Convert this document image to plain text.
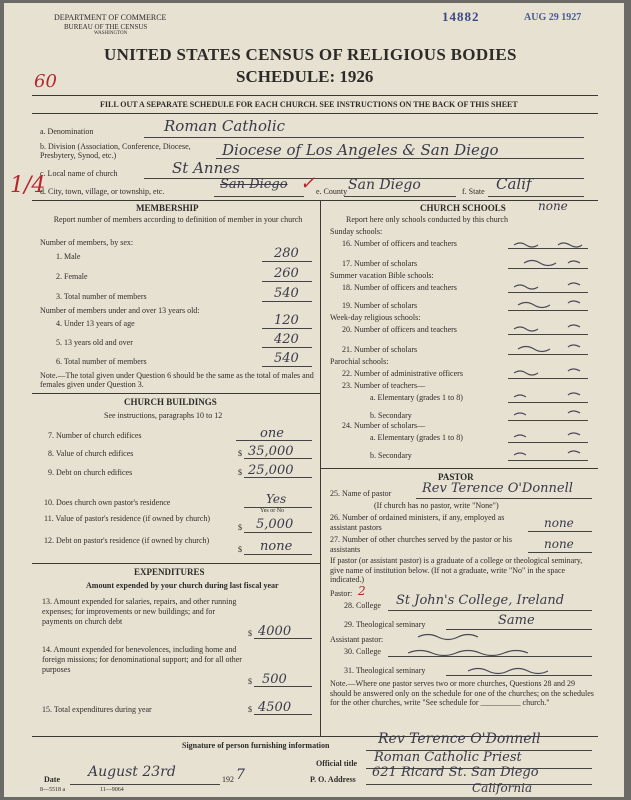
DEPARTMENT OF COMMERCE
BUREAU OF THE CENSUS
WASHINGTON
14882	AUG 29 1927
UNITED STATES CENSUS OF RELIGIOUS BODIES
SCHEDULE: 1926
60
FILL OUT A SEPARATE SCHEDULE FOR EACH CHURCH. SEE INSTRUCTIONS ON THE BACK OF THIS SHEET
a. Denomination	Roman Catholic
b. Division (Association, Conference, Diocese, Presbytery, Synod, etc.)	Diocese of Los Angeles & San Diego
c. Local name of church	St Annes
d. City, town, village, or township, etc.	San Diego ✓ e. County San Diego	f. State Calif
1/4
MEMBERSHIP
Report number of members according to definition of member in your church
Number of members, by sex:
1. Male	280
2. Female	260
3. Total number of members	540
Number of members under and over 13 years old:
4. Under 13 years of age	120
5. 13 years old and over	420
6. Total number of members	540
Note.—The total given under Question 6 should be the same as the total of males and females given under Question 3.
CHURCH BUILDINGS
See instructions, paragraphs 10 to 12
7. Number of church edifices	one
8. Value of church edifices	$ 35,000
9. Debt on church edifices	$ 25,000
10. Does church own pastor's residence	Yes
Yes or No
11. Value of pastor's residence (if owned by church)
$ 5,000
12. Debt on pastor's residence (if owned by church)
$ none
EXPENDITURES
Amount expended by your church during last fiscal year
13. Amount expended for salaries, repairs, and other running expenses; for improvements or new buildings; and for payments on church debt
$ 4000
14. Amount expended for benevolences, including home and foreign missions; for denominational support; and for all other purposes
$ 500
15. Total expenditures during year	$ 4500
CHURCH SCHOOLS	none
Report here only schools conducted by this church
Sunday schools:
16. Number of officers and teachers
17. Number of scholars
Summer vacation Bible schools:
18. Number of officers and teachers
19. Number of scholars
Week-day religious schools:
20. Number of officers and teachers
21. Number of scholars
Parochial schools:
22. Number of administrative officers
23. Number of teachers—
a. Elementary (grades 1 to 8)
b. Secondary
24. Number of scholars—
a. Elementary (grades 1 to 8)
b. Secondary
PASTOR
25. Name of pastor Rev Terence O'Donnell
(If church has no pastor, write "None")
26. Number of ordained ministers, if any, employed as assistant pastors	none
27. Number of other churches served by the pastor or his assistants	none
If pastor (or assistant pastor) is a graduate of a college or theological seminary, give name of institution below. (If not a graduate, write "No" in the space indicated.)
Pastor: 2
28. College St John's College, Ireland
29. Theological seminary	Same
Assistant pastor:
30. College
31. Theological seminary
Note.—Where one pastor serves two or more churches, Questions 28 and 29 should be answered only on the schedule for one of the churches; on the schedules for the other churches, write "See schedule for __________ church."
Signature of person furnishing information	Rev Terence O'Donnell
Official title Roman Catholic Priest
Date August 23rd	192 7	P. O. Address 621 Ricard St. San Diego
California
8—5518 a	11—9064
